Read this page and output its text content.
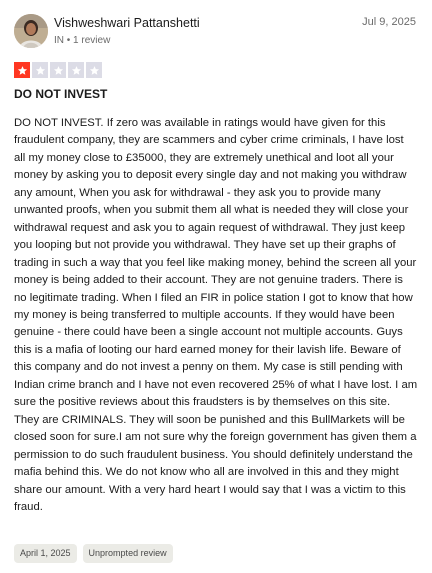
Vishweshwari Pattanshetti
IN • 1 review
Jul 9, 2025
DO NOT INVEST

DO NOT INVEST. If zero was available in ratings would have given for this fraudulent company, they are scammers and cyber crime criminals, I have lost all my money close to £35000, they are extremely unethical and loot all your money by asking you to deposit every single day and not making you withdraw any amount, When you ask for withdrawal - they ask you to provide many unwanted proofs, when you submit them all what is needed they will close your withdrawal request and ask you to again request of withdrawal. They just keep you looping but not provide you withdrawal. They have set up their graphs of trading in such a way that you feel like making money, behind the screen all your money is being added to their account. They are not genuine traders. There is no legitimate trading. When I filed an FIR in police station I got to know that how my money is being transferred to multiple accounts. If they would have been genuine - there could have been a single account not multiple accounts. Guys this is a mafia of looting our hard earned money for their lavish life. Beware of this company and do not invest a penny on them. My case is still pending with Indian crime branch and I have not even recovered 25% of what I have lost. I am sure the positive reviews about this fraudsters is by themselves on this site. They are CRIMINALS. They will soon be punished and this BullMarkets will be closed soon for sure.I am not sure why the foreign government has given them a permission to do such fraudulent business. You should definitely understand the mafia behind this. We do not know who all are involved in this and they might share our amount. With a very hard heart I would say that I was a victim to this fraud.

April 1, 2025	Unprompted review
